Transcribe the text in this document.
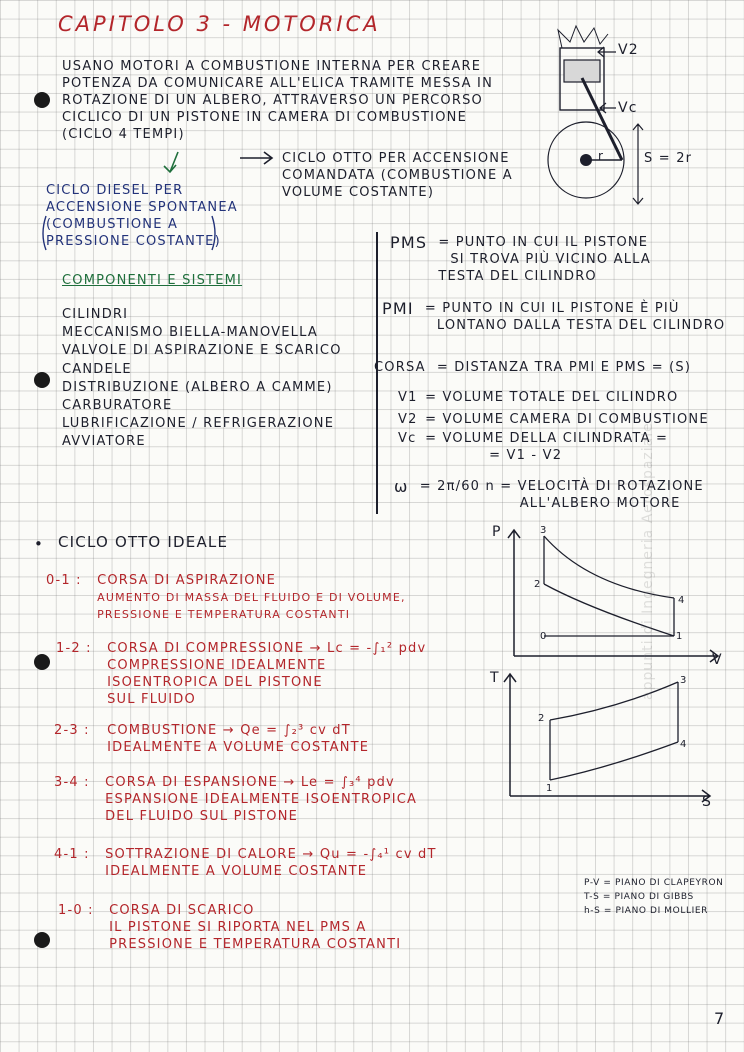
CAPITOLO 3 - MOTORICA
USANO MOTORI A COMBUSTIONE INTERNA PER CREARE
POTENZA DA COMUNICARE ALL'ELICA TRAMITE MESSA IN
ROTAZIONE DI UN ALBERO, ATTRAVERSO UN PERCORSO
CICLICO DI UN PISTONE IN CAMERA DI COMBUSTIONE
(CICLO 4 TEMPI)
CICLO OTTO PER ACCENSIONE
COMANDATA (COMBUSTIONE A
VOLUME COSTANTE)
CICLO DIESEL PER
ACCENSIONE SPONTANEA
(COMBUSTIONE A
PRESSIONE COSTANTE)
COMPONENTI E SISTEMI
CILINDRI
MECCANISMO BIELLA-MANOVELLA
VALVOLE DI ASPIRAZIONE E SCARICO
CANDELE
DISTRIBUZIONE (ALBERO A CAMME)
CARBURATORE
LUBRIFICAZIONE / REFRIGERAZIONE
AVVIATORE
PMS = PUNTO IN CUI IL PISTONE
SI TROVA PIÙ VICINO ALLA
TESTA DEL CILINDRO
PMI = PUNTO IN CUI IL PISTONE È PIÙ
LONTANO DALLA TESTA DEL CILINDRO
CORSA = DISTANZA TRA PMI E PMS = (S)
V1 = VOLUME TOTALE DEL CILINDRO
V2 = VOLUME CAMERA DI COMBUSTIONE
Vc = VOLUME DELLA CILINDRATA =
= V1 - V2
ω = 2π/60 n = VELOCITÀ DI ROTAZIONE
ALL'ALBERO MOTORE
V2
Vc
r	S = 2r
• CICLO OTTO IDEALE
0-1 : CORSA DI ASPIRAZIONE
AUMENTO DI MASSA DEL FLUIDO E DI VOLUME,
PRESSIONE E TEMPERATURA COSTANTI
1-2 : CORSA DI COMPRESSIONE → Lc = -∫₁² pdv
COMPRESSIONE IDEALMENTE
ISOENTROPICA DEL PISTONE
SUL FLUIDO
2-3 : COMBUSTIONE → Qe = ∫₂³ cv dT
IDEALMENTE A VOLUME COSTANTE
3-4 : CORSA DI ESPANSIONE → Le = ∫₃⁴ pdv
ESPANSIONE IDEALMENTE ISOENTROPICA
DEL FLUIDO SUL PISTONE
4-1 : SOTTRAZIONE DI CALORE → Qu = -∫₄¹ cv dT
IDEALMENTE A VOLUME COSTANTE
1-0 : CORSA DI SCARICO
IL PISTONE SI RIPORTA NEL PMS A
PRESSIONE E TEMPERATURA COSTANTI
P
V
0	1
2
3
4
T
S
1
2
3
4
P-V = PIANO DI CLAPEYRON
T-S = PIANO DI GIBBS
h-S = PIANO DI MOLLIER
appunti di Ingegneria Aerospaziale
7
